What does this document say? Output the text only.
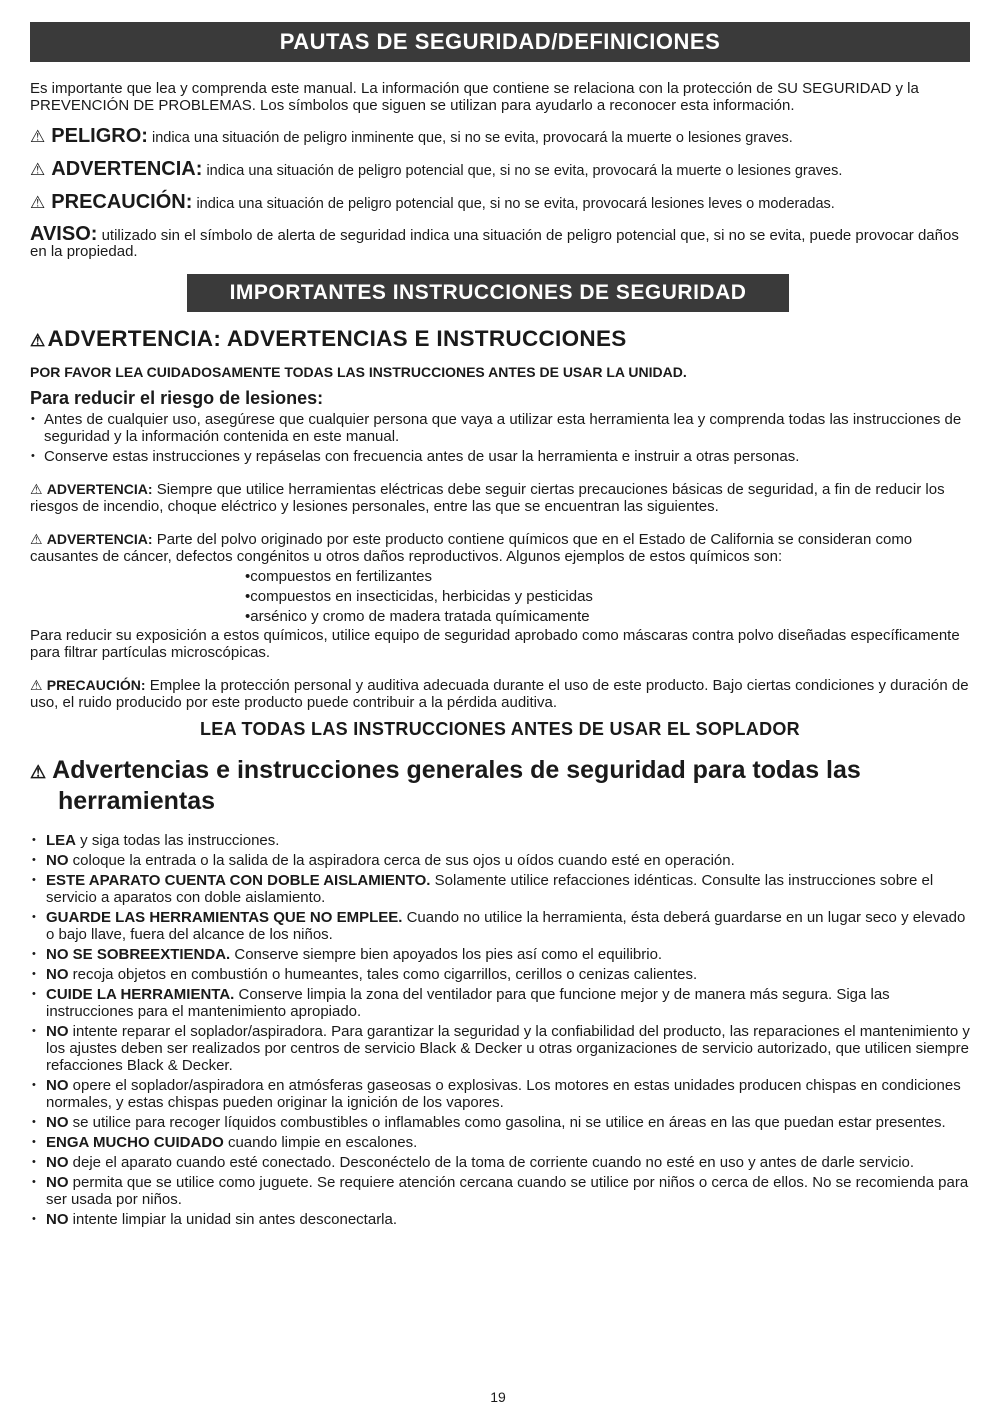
PAUTAS DE SEGURIDAD/DEFINICIONES
Es importante que lea y comprenda este manual. La información que contiene se relaciona con la protección de SU SEGURIDAD y la PREVENCIÓN DE PROBLEMAS. Los símbolos que siguen se utilizan para ayudarlo a reconocer esta información.
⚠ PELIGRO: indica una situación de peligro inminente que, si no se evita, provocará la muerte o lesiones graves.
⚠ ADVERTENCIA: indica una situación de peligro potencial que, si no se evita, provocará la muerte o lesiones graves.
⚠ PRECAUCIÓN: indica una situación de peligro potencial que, si no se evita, provocará lesiones leves o moderadas.
AVISO: utilizado sin el símbolo de alerta de seguridad indica una situación de peligro potencial que, si no se evita, puede provocar daños en la propiedad.
IMPORTANTES INSTRUCCIONES DE SEGURIDAD
⚠ADVERTENCIA: ADVERTENCIAS E INSTRUCCIONES
POR FAVOR LEA CUIDADOSAMENTE TODAS LAS INSTRUCCIONES ANTES DE USAR LA UNIDAD.
Para reducir el riesgo de lesiones:
• Antes de cualquier uso, asegúrese que cualquier persona que vaya a utilizar esta herramienta lea y comprenda todas las instrucciones de seguridad y la información contenida en este manual.
• Conserve estas instrucciones y repáselas con frecuencia antes de usar la herramienta e instruir a otras personas.
⚠ ADVERTENCIA: Siempre que utilice herramientas eléctricas debe seguir ciertas precauciones básicas de seguridad, a fin de reducir los riesgos de incendio, choque eléctrico y lesiones personales, entre las que se encuentran las siguientes.
⚠ ADVERTENCIA: Parte del polvo originado por este producto contiene químicos que en el Estado de California se consideran como causantes de cáncer, defectos congénitos u otros daños reproductivos. Algunos ejemplos de estos químicos son:
• compuestos en fertilizantes
• compuestos en insecticidas, herbicidas y pesticidas
• arsénico y cromo de madera tratada químicamente
Para reducir su exposición a estos químicos, utilice equipo de seguridad aprobado como máscaras contra polvo diseñadas específicamente para filtrar partículas microscópicas.
⚠ PRECAUCIÓN: Emplee la protección personal y auditiva adecuada durante el uso de este producto. Bajo ciertas condiciones y duración de uso, el ruido producido por este producto puede contribuir a la pérdida auditiva.
LEA TODAS LAS INSTRUCCIONES ANTES DE USAR EL SOPLADOR
⚠ Advertencias e instrucciones generales de seguridad para todas las herramientas
• LEA y siga todas las instrucciones.
• NO coloque la entrada o la salida de la aspiradora cerca de sus ojos u oídos cuando esté en operación.
• ESTE APARATO CUENTA CON DOBLE AISLAMIENTO. Solamente utilice refacciones idénticas. Consulte las instrucciones sobre el servicio a aparatos con doble aislamiento.
• GUARDE LAS HERRAMIENTAS QUE NO EMPLEE. Cuando no utilice la herramienta, ésta deberá guardarse en un lugar seco y elevado o bajo llave, fuera del alcance de los niños.
• NO SE SOBREEXTIENDA. Conserve siempre bien apoyados los pies así como el equilibrio.
• NO recoja objetos en combustión o humeantes, tales como cigarrillos, cerillos o cenizas calientes.
• CUIDE LA HERRAMIENTA. Conserve limpia la zona del ventilador para que funcione mejor y de manera más segura. Siga las instrucciones para el mantenimiento apropiado.
• NO intente reparar el soplador/aspiradora. Para garantizar la seguridad y la confiabilidad del producto, las reparaciones el mantenimiento y los ajustes deben ser realizados por centros de servicio Black & Decker u otras organizaciones de servicio autorizado, que utilicen siempre refacciones Black & Decker.
• NO opere el soplador/aspiradora en atmósferas gaseosas o explosivas. Los motores en estas unidades producen chispas en condiciones normales, y estas chispas pueden originar la ignición de los vapores.
• NO se utilice para recoger líquidos combustibles o inflamables como gasolina, ni se utilice en áreas en las que puedan estar presentes.
• ENGA MUCHO CUIDADO cuando limpie en escalones.
• NO deje el aparato cuando esté conectado. Desconéctelo de la toma de corriente cuando no esté en uso y antes de darle servicio.
• NO permita que se utilice como juguete. Se requiere atención cercana cuando se utilice por niños o cerca de ellos. No se recomienda para ser usada por niños.
• NO intente limpiar la unidad sin antes desconectarla.
19
